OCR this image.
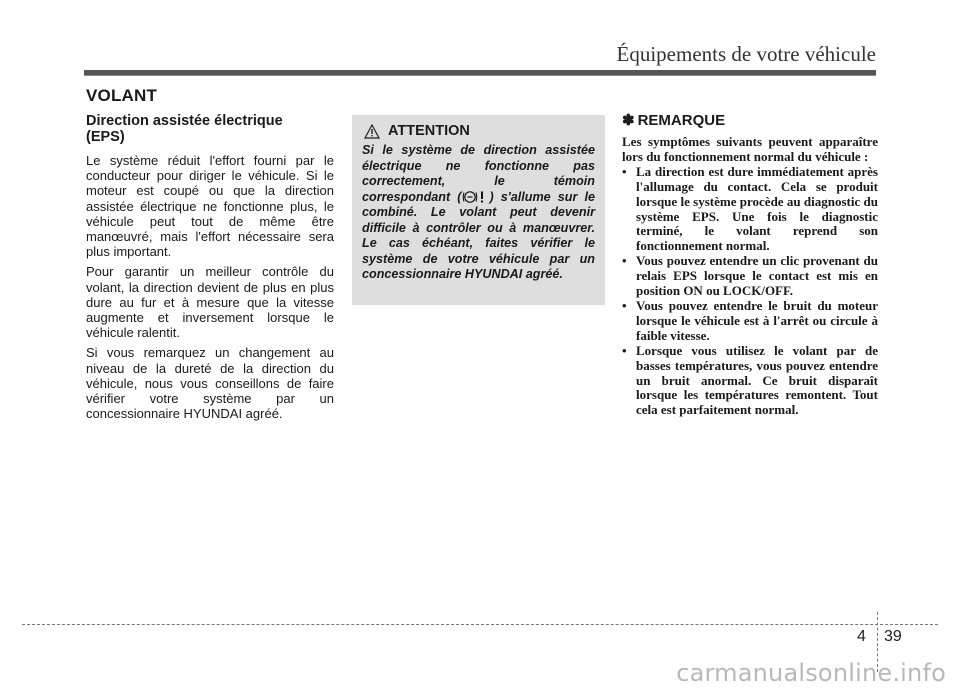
Équipements de votre véhicule
VOLANT
Direction assistée électrique
(EPS)

Le système réduit l'effort fourni par le conducteur pour diriger le véhicule. Si le moteur est coupé ou que la direction assistée électrique ne fonctionne plus, le véhicule peut tout de même être manœuvré, mais l'effort nécessaire sera plus important.

Pour garantir un meilleur contrôle du volant, la direction devient de plus en plus dure au fur et à mesure que la vitesse augmente et inversement lorsque le véhicule ralentit.

Si vous remarquez un changement au niveau de la dureté de la direction du véhicule, nous vous conseillons de faire vérifier votre système par un concessionnaire HYUNDAI agréé.

ATTENTION
Si le système de direction assistée électrique ne fonctionne pas correctement, le témoin correspondant ( ) s'allume sur le combiné. Le volant peut devenir difficile à contrôler ou à manœuvrer. Le cas échéant, faites vérifier le système de votre véhicule par un concessionnaire HYUNDAI agréé.
✽ REMARQUE

Les symptômes suivants peuvent apparaître lors du fonctionnement normal du véhicule :

• La direction est dure immédiatement après l'allumage du contact. Cela se produit lorsque le système procède au diagnostic du système EPS. Une fois le diagnostic terminé, le volant reprend son fonctionnement normal.
• Vous pouvez entendre un clic provenant du relais EPS lorsque le contact est mis en position ON ou LOCK/OFF.
• Vous pouvez entendre le bruit du moteur lorsque le véhicule est à l'arrêt ou circule à faible vitesse.
• Lorsque vous utilisez le volant par de basses températures, vous pouvez entendre un bruit anormal. Ce bruit disparaît lorsque les températures remontent. Tout cela est parfaitement normal.
4 39
carmanualsonline.info
